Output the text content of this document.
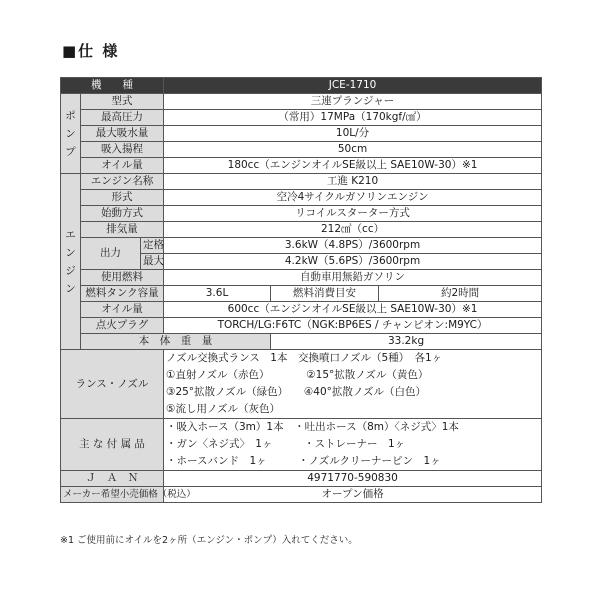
■仕 様
機　　種			JCE-1710		

ポ
ン
プ	型式		三連プランジャー		
	最高圧力		（常用）17MPa（170kgf/㎠）		
	最大吸水量		10L/分		
	吸入揚程		50cm		
	オイル量		180cc（エンジンオイルSE級以上 SAE10W-30）※1		

エ
ン
ジ
ン	エンジン名称		工進 K210		
	形式		空冷4サイクルガソリンエンジン		
	始動方式		リコイルスターター方式		
	排気量		212㎤（cc）		
	出力	定格	3.6kW（4.8PS）/3600rpm		
		最大	4.2kW（5.6PS）/3600rpm		
	使用燃料		自動車用無鉛ガソリン		
	燃料タンク容量		3.6L	燃料消費目安	約2時間
	オイル量		600cc（エンジンオイルSE級以上 SAE10W-30）※1		
	点火プラグ		TORCH/LG:F6TC（NGK:BP6ES / チャンピオン:M9YC）		
	本　体　重　量			33.2kg	
ランス・ノズル			ノズル交換式ランス　1本　交換噴口ノズル（5種）　各1ヶ
①直射ノズル（赤色）　　　　②15°拡散ノズル（黄色）
③25°拡散ノズル（緑色）　　④40°拡散ノズル（白色）
⑤流し用ノズル（灰色）		

主 な 付 属 品			・吸入ホース（3m）1本　・吐出ホース（8m）〈ネジ式〉1本
・ガン〈ネジ式〉　1ヶ　　　・ストレーナー　1ヶ
・ホースバンド　1ヶ　　　・ノズルクリーナーピン　1ヶ		

Ｊ　Ａ　Ｎ			4971770-590830		
メーカー希望小売価格（税込）			オープン価格		
※1 ご使用前にオイルを2ヶ所（エンジン・ポンプ）入れてください。
